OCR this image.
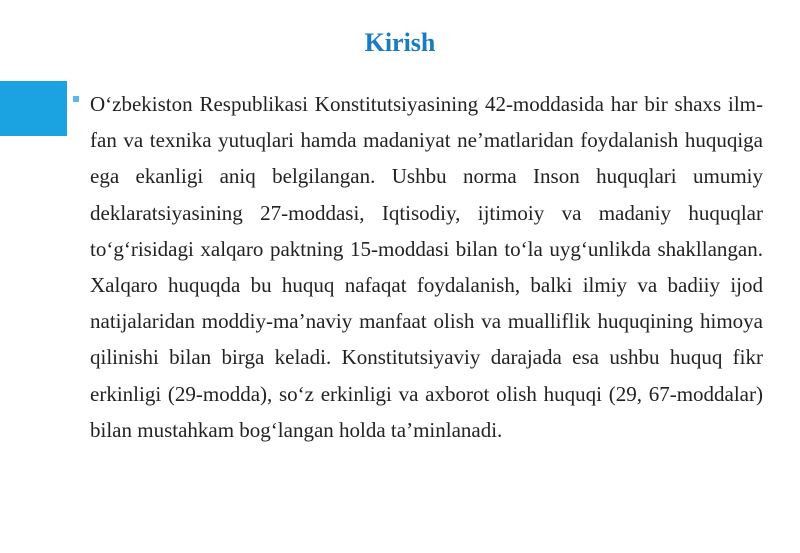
Kirish

O‘zbekiston Respublikasi Konstitutsiyasining 42-moddasida har bir shaxs ilm-fan va texnika yutuqlari hamda madaniyat ne’matlaridan foydalanish huquqiga ega ekanligi aniq belgilangan. Ushbu norma Inson huquqlari umumiy deklaratsiyasining 27-moddasi, Iqtisodiy, ijtimoiy va madaniy huquqlar to‘g‘risidagi xalqaro paktning 15-moddasi bilan to‘la uyg‘unlikda shakllangan. Xalqaro huquqda bu huquq nafaqat foydalanish, balki ilmiy va badiiy ijod natijalaridan moddiy-ma’naviy manfaat olish va mualliflik huquqining himoya qilinishi bilan birga keladi. Konstitutsiyaviy darajada esa ushbu huquq fikr erkinligi (29-modda), so‘z erkinligi va axborot olish huquqi (29, 67-moddalar) bilan mustahkam bog‘langan holda ta’minlanadi.
